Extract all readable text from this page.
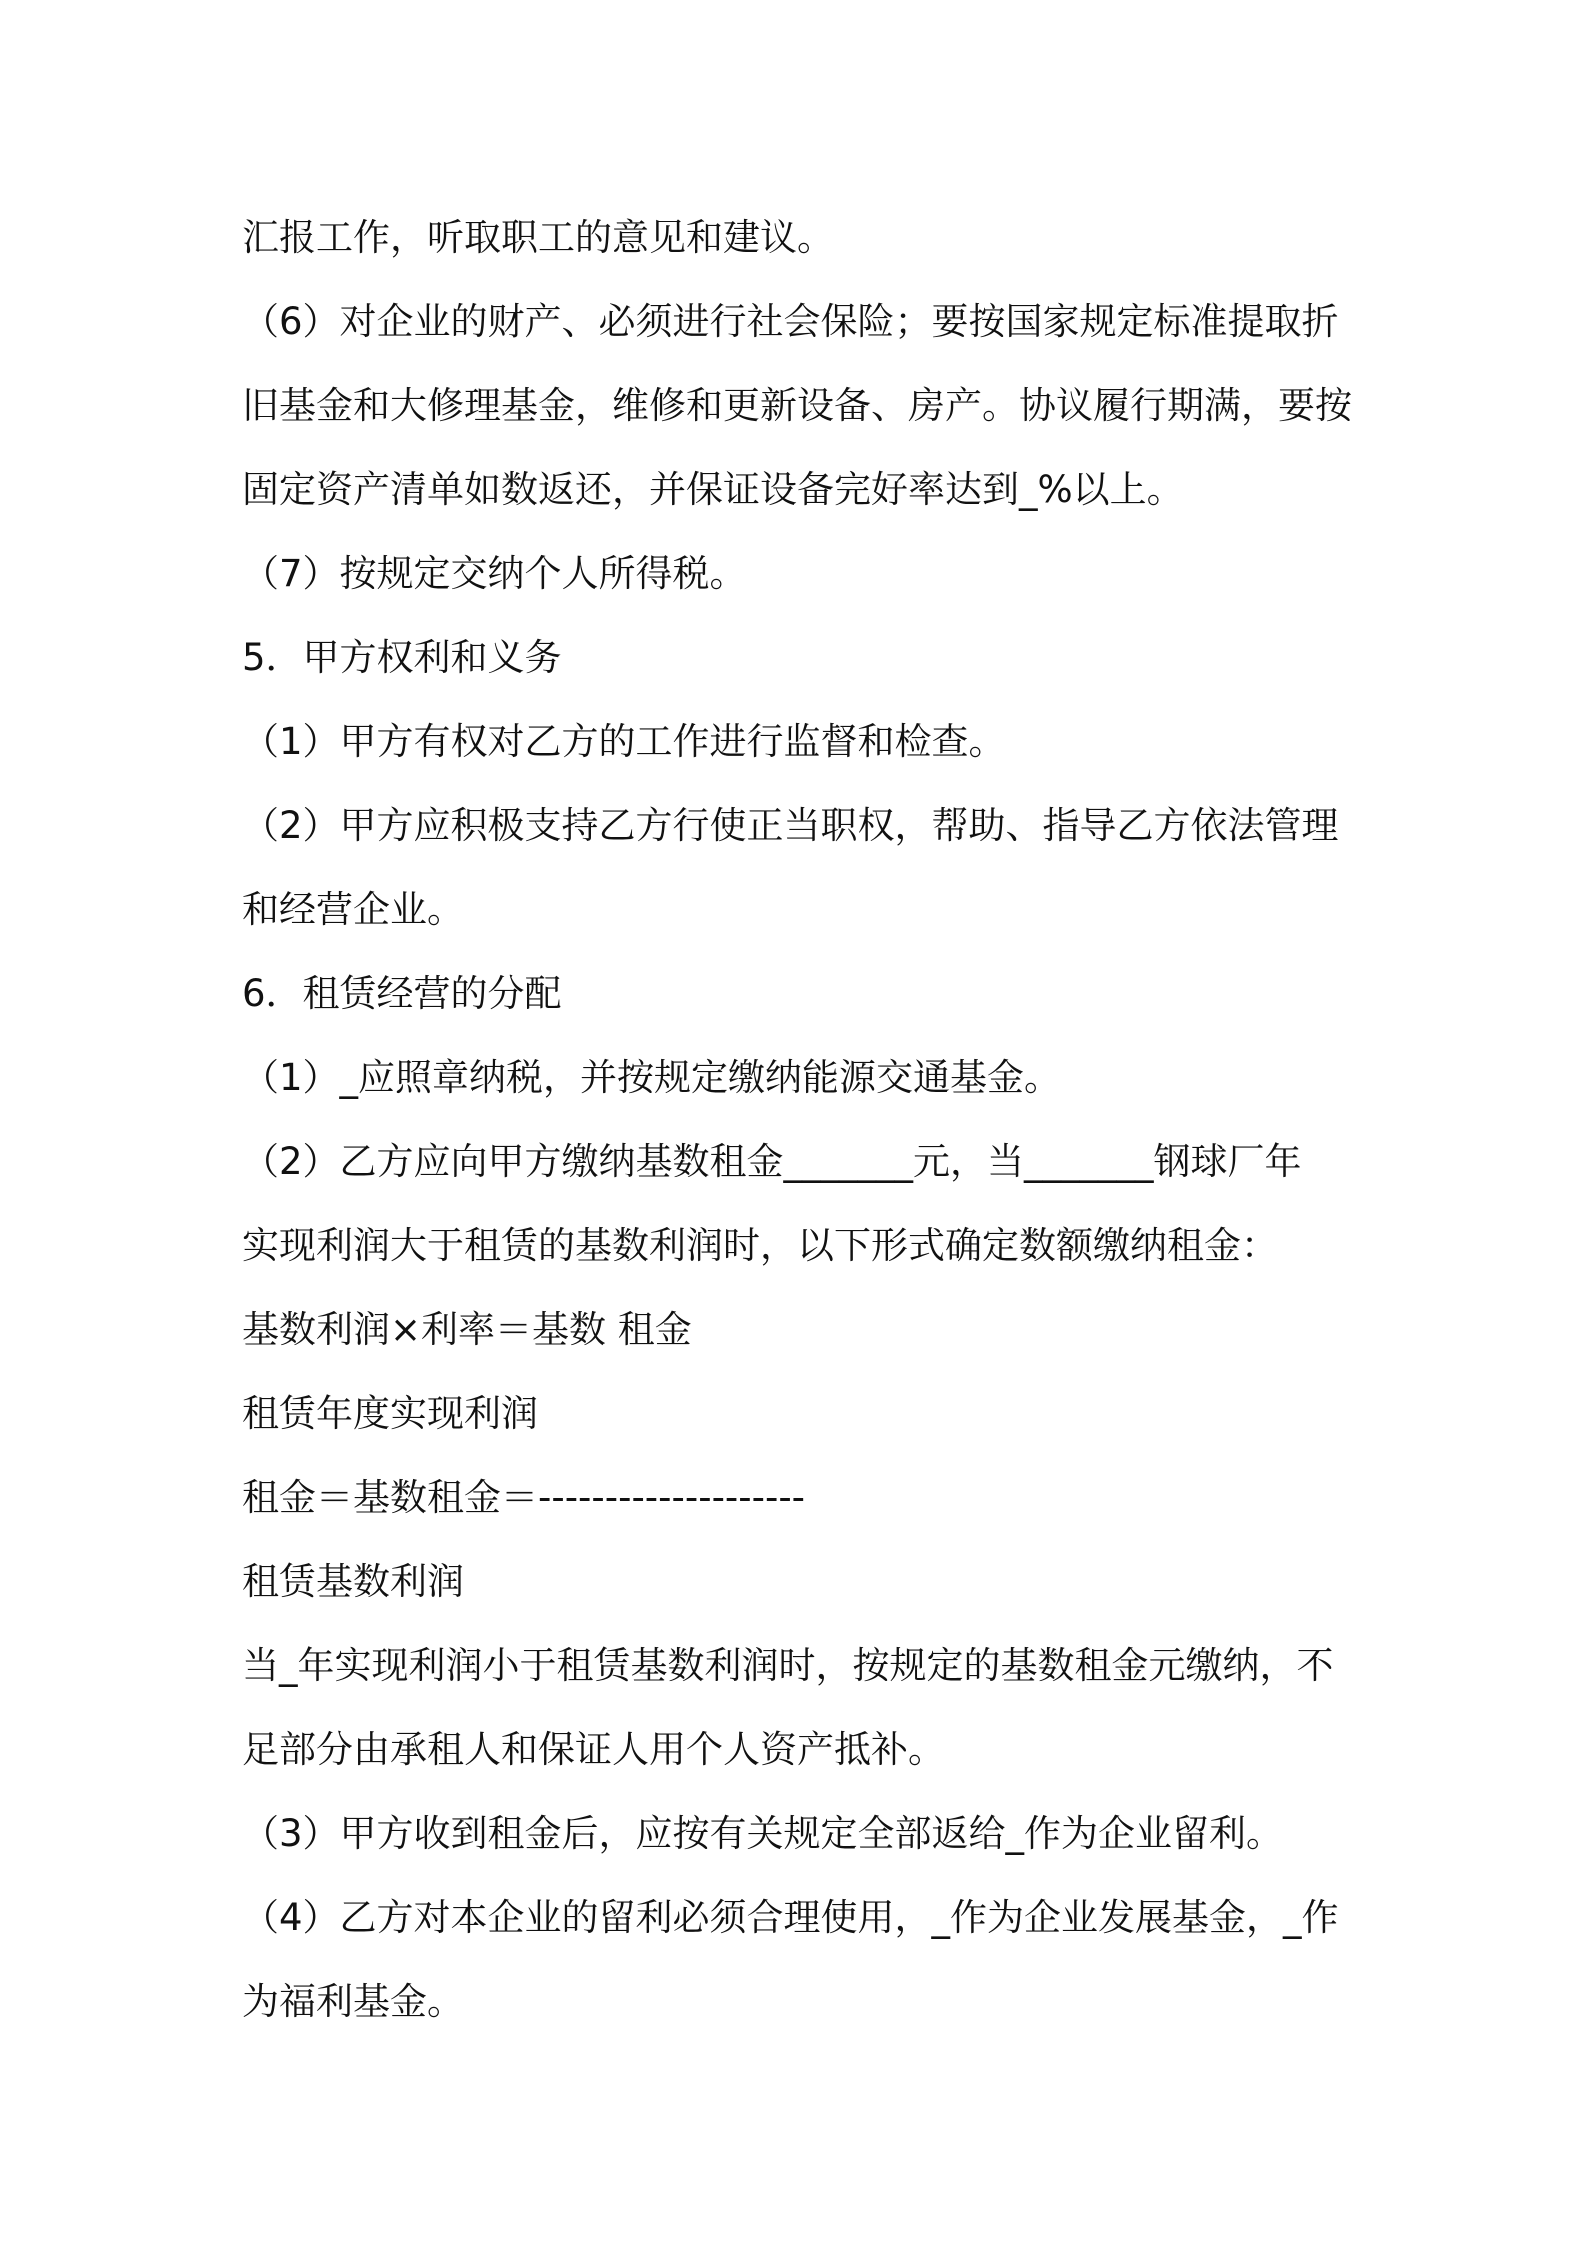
汇报工作，听取职工的意见和建议。
（6）对企业的财产、必须进行社会保险；要按国家规定标准提取折
旧基金和大修理基金，维修和更新设备、房产。协议履行期满，要按
固定资产清单如数返还，并保证设备完好率达到_%以上。
（7）按规定交纳个人所得税。
5．甲方权利和义务
（1）甲方有权对乙方的工作进行监督和检查。
（2）甲方应积极支持乙方行使正当职权，帮助、指导乙方依法管理
和经营企业。
6．租赁经营的分配
（1）_应照章纳税，并按规定缴纳能源交通基金。
（2）乙方应向甲方缴纳基数租金_______元，当_______钢球厂年
实现利润大于租赁的基数利润时，以下形式确定数额缴纳租金：
基数利润×利率＝基数 租金
租赁年度实现利润
租金＝基数租金＝--------------------
租赁基数利润
当_年实现利润小于租赁基数利润时，按规定的基数租金元缴纳，不
足部分由承租人和保证人用个人资产抵补。
（3）甲方收到租金后，应按有关规定全部返给_作为企业留利。
（4）乙方对本企业的留利必须合理使用，_作为企业发展基金，_作
为福利基金。
